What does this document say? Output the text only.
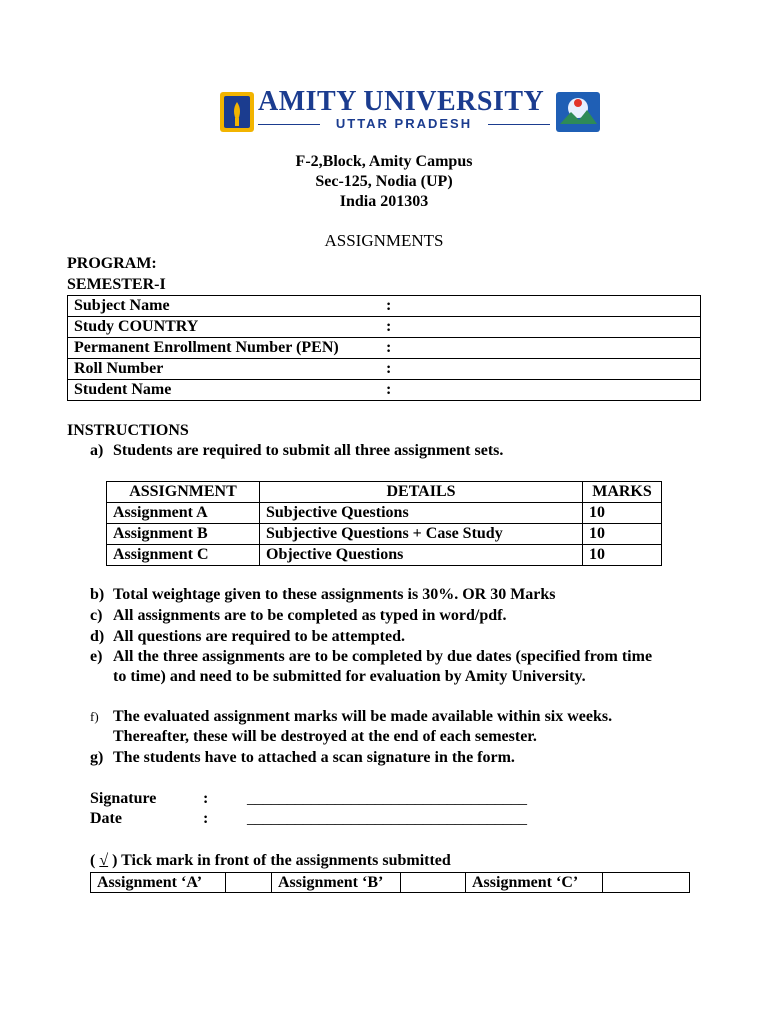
AMITY UNIVERSITY
UTTAR PRADESH
F-2,Block, Amity Campus
Sec-125, Nodia (UP)
India 201303
ASSIGNMENTS
PROGRAM:
SEMESTER-I
Subject Name	:
Study COUNTRY	:
Permanent Enrollment Number (PEN)	:
Roll Number	:
Student Name	:
INSTRUCTIONS
a) Students are required to submit all three assignment sets.
ASSIGNMENT	DETAILS	MARKS
Assignment A	Subjective Questions	10
Assignment B	Subjective Questions + Case Study	10
Assignment C	Objective Questions	10
b) Total weightage given to these assignments is 30%. OR 30 Marks
c) All assignments are to be completed as typed in word/pdf.
d) All questions are required to be attempted.
e) All the three assignments are to be completed by due dates (specified from time to time) and need to be submitted for evaluation by Amity University.
f) The evaluated assignment marks will be made available within six weeks. Thereafter, these will be destroyed at the end of each semester.
g) The students have to attached a scan signature in the form.
Signature	: ___________________________________
Date	: ___________________________________
( √ ) Tick mark in front of the assignments submitted
Assignment ‘A’		Assignment ‘B’		Assignment ‘C’	
